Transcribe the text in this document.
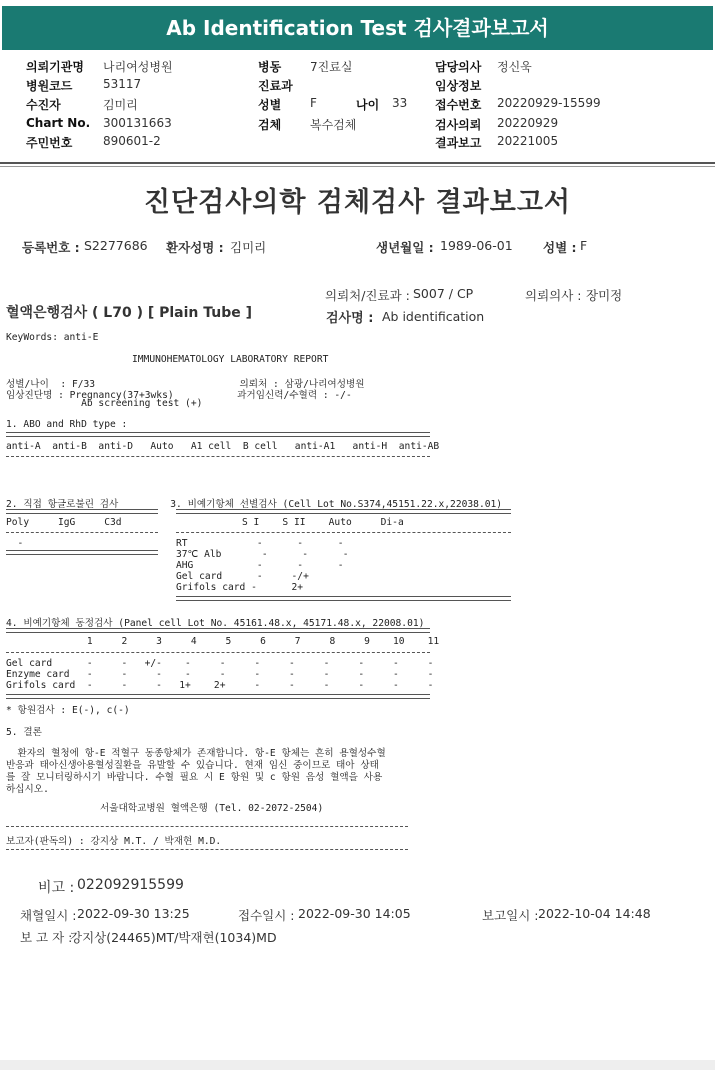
Ab Identification Test 검사결과보고서
의뢰기관명 나리여성병원
병원코드	53117
수진자	김미리
Chart No. 300131663
주민번호	890601-2
병동 7진료실
진료과
성별 F	나이 33
검체 복수검체
담당의사 정신욱
임상정보
접수번호 20220929-15599
검사의뢰 20220929
결과보고 20221005
진단검사의학 검체검사 결과보고서
등록번호 : S2277686 환자성명 : 김미리	생년월일 : 1989-06-01 성별 : F
의뢰처/진료과 : S007 / CP	의뢰의사 : 장미정
혈액은행검사 ( L70 ) [ Plain Tube ]	검사명 : Ab identification
KeyWords: anti-E
IMMUNOHEMATOLOGY LABORATORY REPORT
성별/나이  : F/33                         의뢰처 : 삼광/나리여성병원
임상진단명 : Pregnancy(37+3wks)           과거임신력/수혈력 : -/-
Ab screening test (+)
1. ABO and RhD type :
anti-A  anti-B  anti-D   Auto   A1 cell  B cell   anti-A1   anti-H  anti-AB
2. 직접 항글로불린 검사         3. 비예기항체 선별검사 (Cell Lot No.S374,45151.22.x,22038.01)
Poly     IgG     C3d	S I    S II    Auto     Di-a
-	RT            -      -      -
37℃ Alb       -      -      -
AHG           -      -      -
Gel card      -     -/+
Grifols card -      2+
4. 비예기항체 동정검사 (Panel cell Lot No. 45161.48.x, 45171.48.x, 22008.01)
1     2     3     4     5     6     7     8     9    10    11
Gel card      -     -   +/-    -     -     -     -     -     -     -     -
Enzyme card   -     -     -    -     -     -     -     -     -     -     -
Grifols card  -     -     -   1+    2+     -     -     -     -     -     -
* 항원검사 : E(-), c(-)
5. 결론
환자의 혈청에 항-E 적혈구 동종항체가 존재합니다. 항-E 항체는 흔히 용혈성수혈
반응과 태아신생아용혈성질환을 유발할 수 있습니다. 현재 임신 중이므로 태아 상태
를 잘 모니터링하시기 바랍니다. 수혈 필요 시 E 항원 및 c 항원 음성 혈액을 사용
하십시오.
서울대학교병원 혈액은행 (Tel. 02-2072-2504)
보고자(판독의) : 강지상 M.T. / 박재현 M.D.
비고 : 022092915599
채혈일시 : 2022-09-30 13:25	접수일시 : 2022-09-30 14:05	보고일시 : 2022-10-04 14:48
보 고 자 :
강지상(24465)MT/박재현(1034)MD
